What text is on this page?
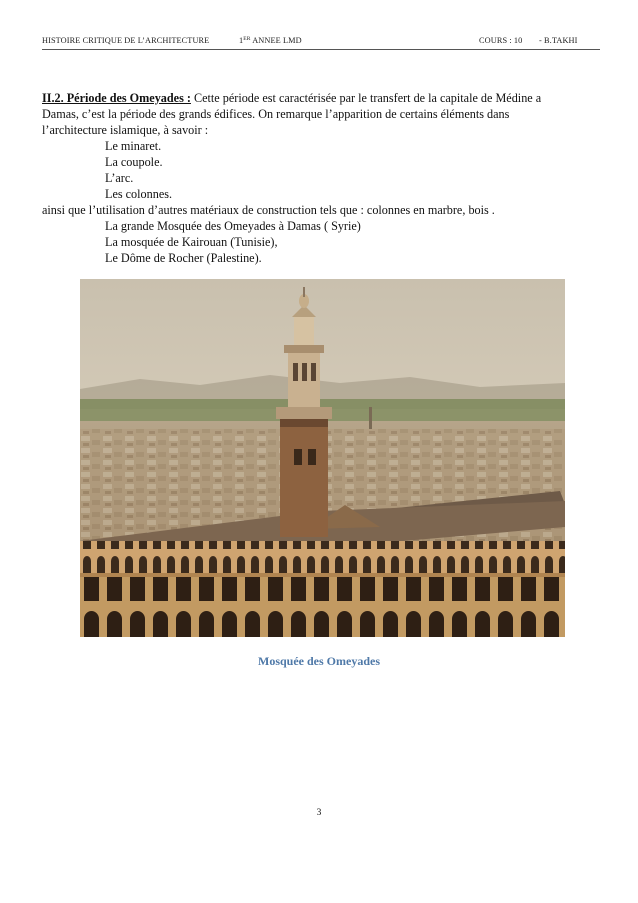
HISTOIRE CRITIQUE DE L’ARCHITECTURE	1ER ANNEE LMD	COURS : 10 - B.TAKHI
II.2. Période des Omeyades : Cette période est caractérisée par le transfert de la capitale de Médine a
Damas, c’est la période des grands édifices. On remarque l’apparition de certains éléments dans
l’architecture islamique, à savoir :
Le minaret.
La coupole.
L’arc.
Les colonnes.
ainsi que l’utilisation d’autres matériaux de construction tels que : colonnes en marbre, bois .
La grande Mosquée des Omeyades à Damas ( Syrie)
La mosquée de Kairouan (Tunisie),
Le Dôme de Rocher (Palestine).
Mosquée des Omeyades
3
